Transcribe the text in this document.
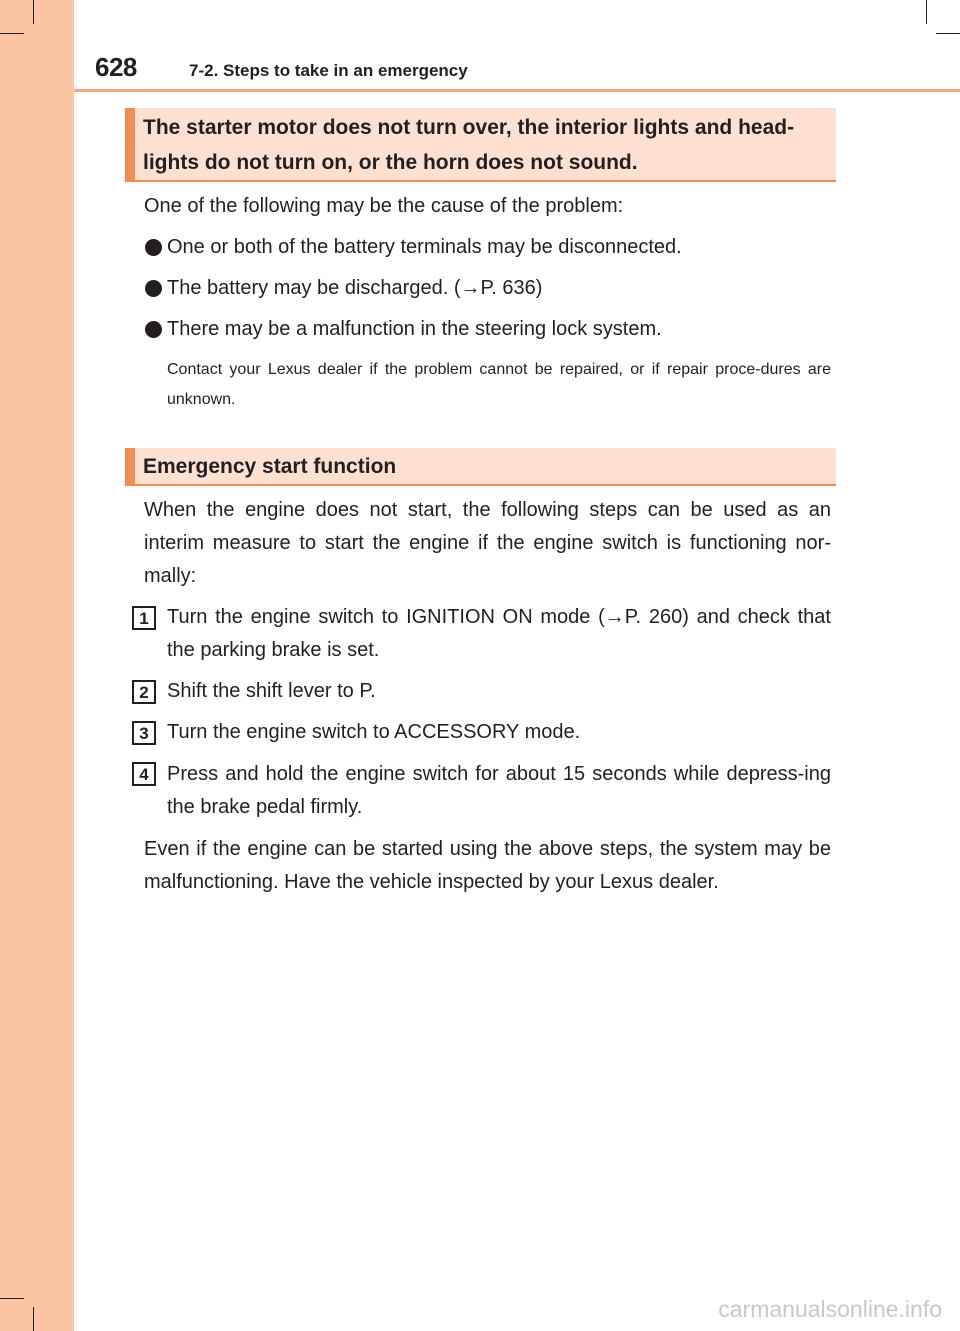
628	7-2. Steps to take in an emergency
The starter motor does not turn over, the interior lights and head-lights do not turn on, or the horn does not sound.
One of the following may be the cause of the problem:
One or both of the battery terminals may be disconnected.
The battery may be discharged. (→P. 636)
There may be a malfunction in the steering lock system.
Contact your Lexus dealer if the problem cannot be repaired, or if repair proce-dures are unknown.
Emergency start function
When the engine does not start, the following steps can be used as an interim measure to start the engine if the engine switch is functioning nor-mally:
1 Turn the engine switch to IGNITION ON mode (→P. 260) and check that the parking brake is set.
2 Shift the shift lever to P.
3 Turn the engine switch to ACCESSORY mode.
4 Press and hold the engine switch for about 15 seconds while depress-ing the brake pedal firmly.
Even if the engine can be started using the above steps, the system may be malfunctioning. Have the vehicle inspected by your Lexus dealer.
carmanualsonline.info
